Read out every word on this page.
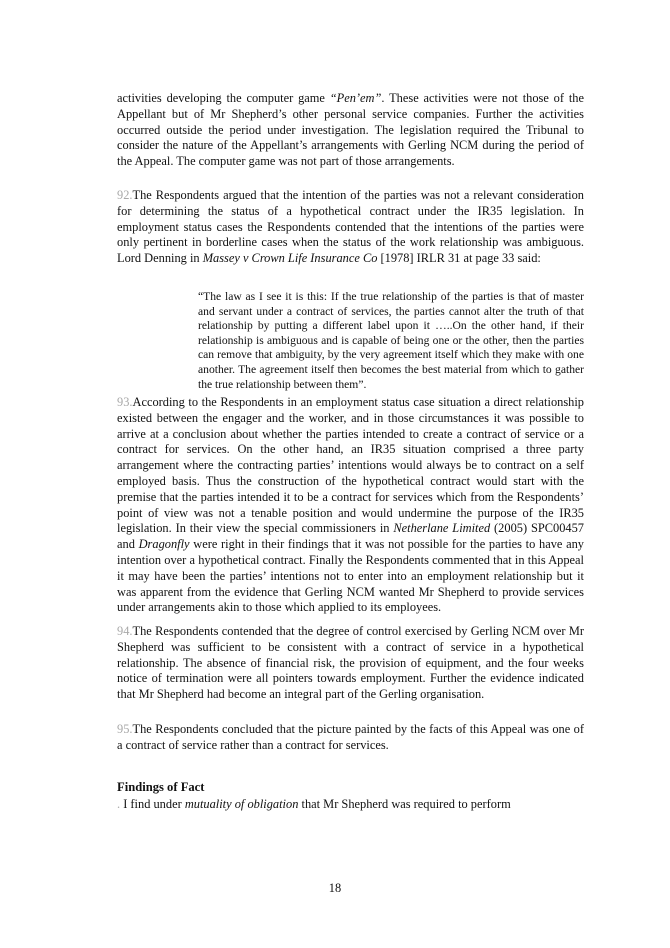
activities developing the computer game “Pen’em”. These activities were not those of the Appellant but of Mr Shepherd’s other personal service companies. Further the activities occurred outside the period under investigation. The legislation required the Tribunal to consider the nature of the Appellant’s arrangements with Gerling NCM during the period of the Appeal. The computer game was not part of those arrangements.

92.The Respondents argued that the intention of the parties was not a relevant consideration for determining the status of a hypothetical contract under the IR35 legislation. In employment status cases the Respondents contended that the intentions of the parties were only pertinent in borderline cases when the status of the work relationship was ambiguous. Lord Denning in Massey v Crown Life Insurance Co [1978] IRLR 31 at page 33 said:

“The law as I see it is this: If the true relationship of the parties is that of master and servant under a contract of services, the parties cannot alter the truth of that relationship by putting a different label upon it …..On the other hand, if their relationship is ambiguous and is capable of being one or the other, then the parties can remove that ambiguity, by the very agreement itself which they make with one another. The agreement itself then becomes the best material from which to gather the true relationship between them”.

93.According to the Respondents in an employment status case situation a direct relationship existed between the engager and the worker, and in those circumstances it was possible to arrive at a conclusion about whether the parties intended to create a contract of service or a contract for services. On the other hand, an IR35 situation comprised a three party arrangement where the contracting parties’ intentions would always be to contract on a self employed basis. Thus the construction of the hypothetical contract would start with the premise that the parties intended it to be a contract for services which from the Respondents’ point of view was not a tenable position and would undermine the purpose of the IR35 legislation. In their view the special commissioners in Netherlane Limited (2005) SPC00457 and Dragonfly were right in their findings that it was not possible for the parties to have any intention over a hypothetical contract. Finally the Respondents commented that in this Appeal it may have been the parties’ intentions not to enter into an employment relationship but it was apparent from the evidence that Gerling NCM wanted Mr Shepherd to provide services under arrangements akin to those which applied to its employees.

94.The Respondents contended that the degree of control exercised by Gerling NCM over Mr Shepherd was sufficient to be consistent with a contract of service in a hypothetical relationship. The absence of financial risk, the provision of equipment, and the four weeks notice of termination were all pointers towards employment. Further the evidence indicated that Mr Shepherd had become an integral part of the Gerling organisation.

95.The Respondents concluded that the picture painted by the facts of this Appeal was one of a contract of service rather than a contract for services.

Findings of Fact

. I find under mutuality of obligation that Mr Shepherd was required to perform

18
